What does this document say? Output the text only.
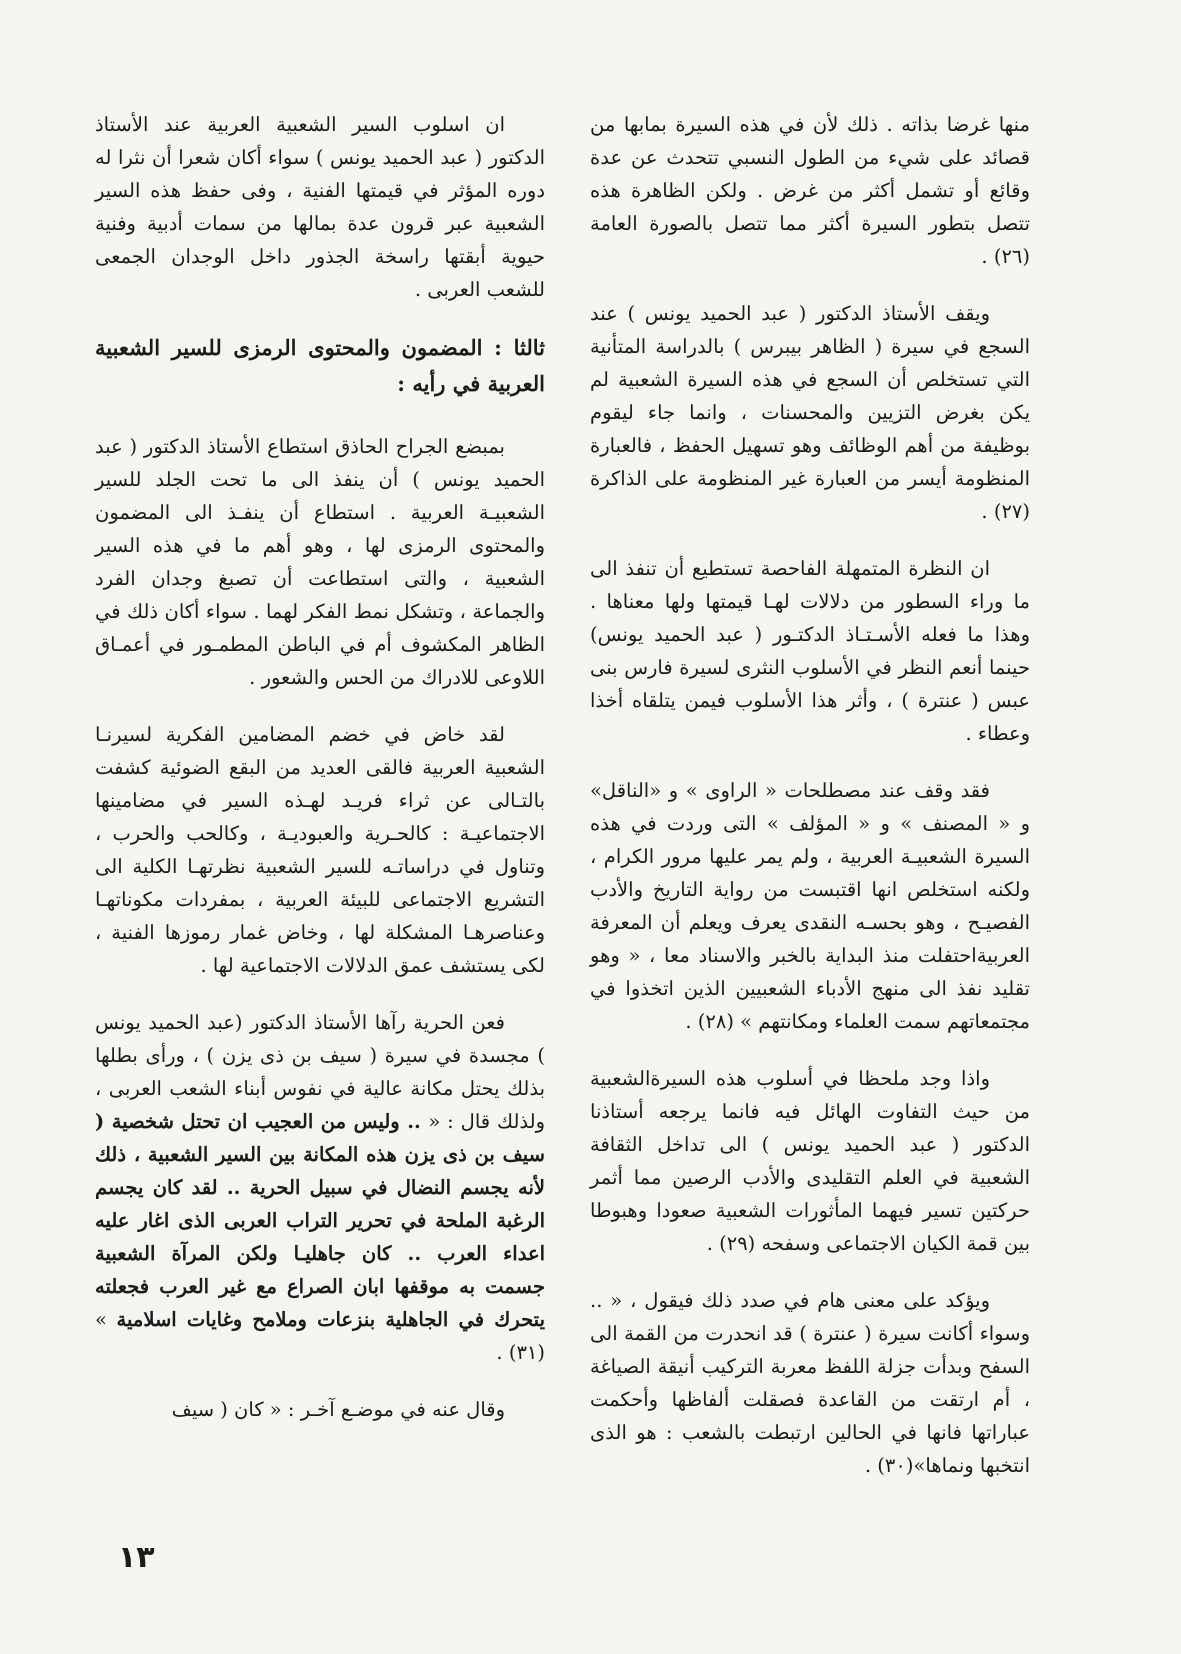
منها غرضا بذاته . ذلك لأن في هذه السيرة بمابها من قصائد على شيء من الطول النسبي تتحدث عن عدة وقائع أو تشمل أكثر من غرض . ولكن الظاهرة هذه تتصل بتطور السيرة أكثر مما تتصل بالصورة العامة (٢٦) .

ويقف الأستاذ الدكتور ( عبد الحميد يونس ) عند السجع في سيرة ( الظاهر بيبرس ) بالدراسة المتأنية التي تستخلص أن السجع في هذه السيرة الشعبية لم يكن بغرض التزيين والمحسنات ، وانما جاء ليقوم بوظيفة من أهم الوظائف وهو تسهيل الحفظ ، فالعبارة المنظومة أيسر من العبارة غير المنظومة على الذاكرة (٢٧) .

ان النظرة المتمهلة الفاحصة تستطيع أن تنفذ الى ما وراء السطور من دلالات لهـا قيمتها ولها معناها . وهذا ما فعله الأسـتـاذ الدكتـور ( عبد الحميد يونس) حينما أنعم النظر في الأسلوب النثرى لسيرة فارس بنى عبس ( عنترة ) ، وأثر هذا الأسلوب فيمن يتلقاه أخذا وعطاء .

فقد وقف عند مصطلحات « الراوى » و «الناقل» و « المصنف » و « المؤلف » التى وردت في هذه السيرة الشعبيـة العربية ، ولم يمر عليها مرور الكرام ، ولكنه استخلص انها اقتبست من رواية التاريخ والأدب الفصيـح ، وهو بحسـه النقدى يعرف ويعلم أن المعرفة العربيةاحتفلت منذ البداية بالخبر والاسناد معا ، « وهو تقليد نفذ الى منهج الأدباء الشعبيين الذين اتخذوا في مجتمعاتهم سمت العلماء ومكانتهم » (٢٨) .

واذا وجد ملحظا في أسلوب هذه السيرةالشعبية من حيث التفاوت الهائل فيه فانما يرجعه أستاذنا الدكتور ( عبد الحميد يونس ) الى تداخل الثقافة الشعبية في العلم التقليدى والأدب الرصين مما أثمر حركتين تسير فيهما المأثورات الشعبية صعودا وهبوطا بين قمة الكيان الاجتماعى وسفحه (٢٩) .

ويؤكد على معنى هام في صدد ذلك فيقول ، « .. وسواء أكانت سيرة ( عنترة ) قد انحدرت من القمة الى السفح وبدأت جزلة اللفظ معربة التركيب أنيقة الصياغة ، أم ارتقت من القاعدة فصقلت ألفاظها وأحكمت عباراتها فانها في الحالين ارتبطت بالشعب : هو الذى انتخبها ونماها»(٣٠) .

ان اسلوب السير الشعبية العربية عند الأستاذ الدكتور ( عبد الحميد يونس ) سواء أكان شعرا أن نثرا له دوره المؤثر في قيمتها الفنية ، وفى حفظ هذه السير الشعبية عبر قرون عدة بمالها من سمات أدبية وفنية حيوية أبقتها راسخة الجذور داخل الوجدان الجمعى للشعب العربى .

ثالثا : المضمون والمحتوى الرمزى للسير الشعبية العربية في رأيه :

بمبضع الجراح الحاذق استطاع الأستاذ الدكتور ( عبد الحميد يونس ) أن ينفذ الى ما تحت الجلد للسير الشعبيـة العربية . استطاع أن ينفـذ الى المضمون والمحتوى الرمزى لها ، وهو أهم ما في هذه السير الشعبية ، والتى استطاعت أن تصبغ وجدان الفرد والجماعة ، وتشكل نمط الفكر لهما . سواء أكان ذلك في الظاهر المكشوف أم في الباطن المطمـور في أعمـاق اللاوعى للادراك من الحس والشعور .

لقد خاض في خضم المضامين الفكرية لسيرنـا الشعبية العربية فالقى العديد من البقع الضوئية كشفت بالتـالى عن ثراء فريـد لهـذه السير في مضامينها الاجتماعيـة : كالحـرية والعبوديـة ، وكالحب والحرب ، وتناول في دراساتـه للسير الشعبية نظرتهـا الكلية الى التشريع الاجتماعى للبيئة العربية ، بمفردات مكوناتهـا وعناصرهـا المشكلة لها ، وخاض غمار رموزها الفنية ، لكى يستشف عمق الدلالات الاجتماعية لها .

فعن الحرية رآها الأستاذ الدكتور (عبد الحميد يونس ) مجسدة في سيرة ( سيف بن ذى يزن ) ، ورأى بطلها بذلك يحتل مكانة عالية في نفوس أبناء الشعب العربى ، ولذلك قال : « .. وليس من العجيب ان تحتل شخصية ( سيف بن ذى يزن هذه المكانة بين السير الشعبية ، ذلك لأنه يجسم النضال في سبيل الحرية .. لقد كان يجسم الرغبة الملحة في تحرير التراب العربى الذى اغار عليه اعداء العرب .. كان جاهليـا ولكن المرآة الشعبية جسمت به موقفها ابان الصراع مع غير العرب فجعلته يتحرك في الجاهلية بنزعات وملامح وغايات اسلامية » (٣١) .

وقال عنه في موضـع آخـر : « كان ( سيف

١٣
